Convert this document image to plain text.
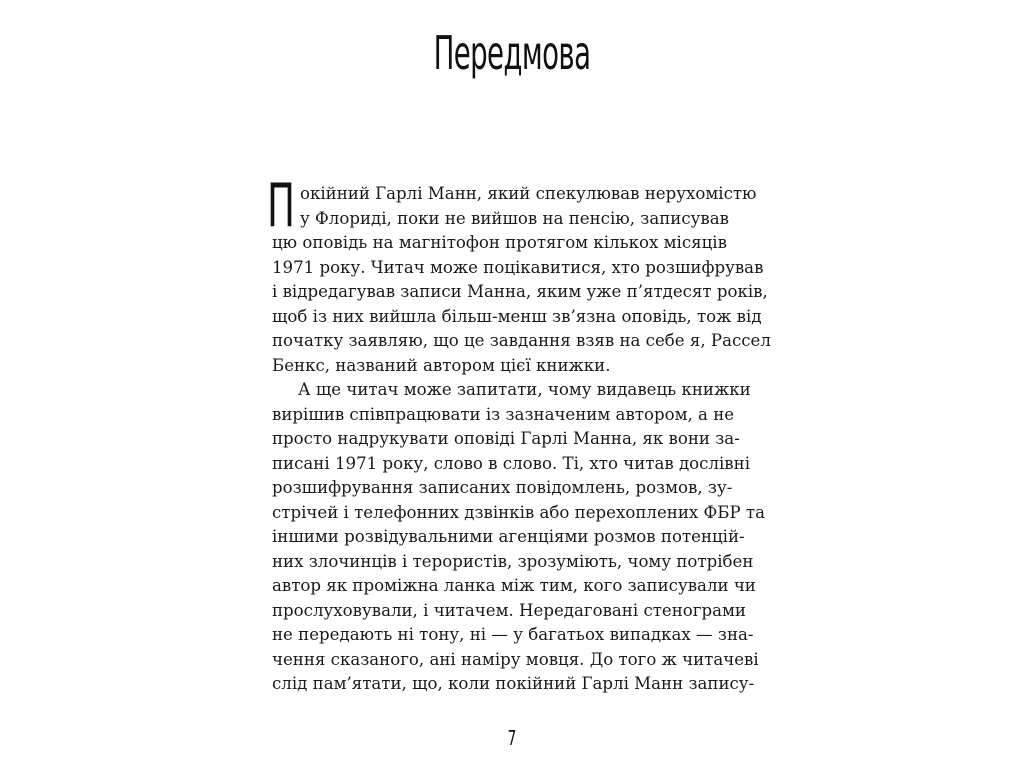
Передмова
П окійний Гарлі Манн, який спекулював нерухомістю
у Флориді, поки не вийшов на пенсію, записував
цю оповідь на магнітофон протягом кількох місяців
1971 року. Читач може поцікавитися, хто розшифрував
і відредагував записи Манна, яким уже п’ятдесят років,
щоб із них вийшла більш-менш зв’язна оповідь, тож від
початку заявляю, що це завдання взяв на себе я, Рассел
Бенкс, названий автором цієї книжки.
А ще читач може запитати, чому видавець книжки
вирішив співпрацювати із зазначеним автором, а не
просто надрукувати оповіді Гарлі Манна, як вони за-
писані 1971 року, слово в слово. Ті, хто читав дослівні
розшифрування записаних повідомлень, розмов, зу-
стрічей і телефонних дзвінків або перехоплених ФБР та
іншими розвідувальними агенціями розмов потенцій-
них злочинців і терористів, зрозуміють, чому потрібен
автор як проміжна ланка між тим, кого записували чи
прослуховували, і читачем. Нередаговані стенограми
не передають ні тону, ні — у багатьох випадках — зна-
чення сказаного, ані наміру мовця. До того ж читачеві
слід пам’ятати, що, коли покійний Гарлі Манн запису-
7
